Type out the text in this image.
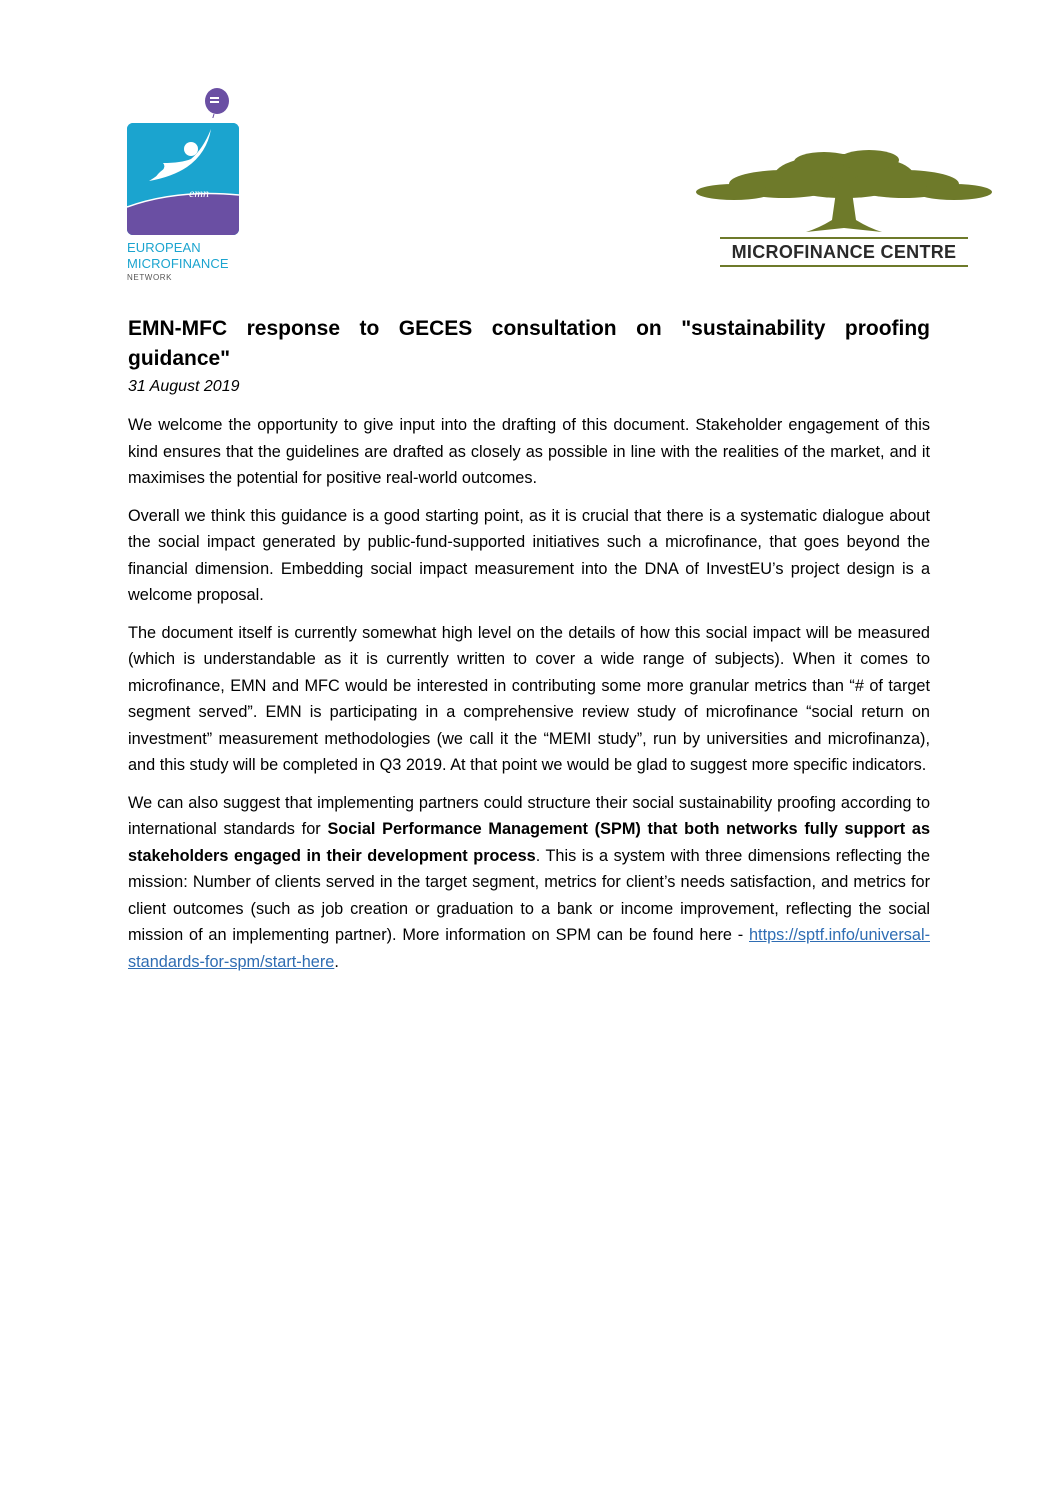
emn
EUROPEAN
MICROFINANCE
NETWORK
MICROFINANCE CENTRE
EMN-MFC response to GECES consultation on "sustainability proofing guidance"
31 August 2019

We welcome the opportunity to give input into the drafting of this document. Stakeholder engagement of this kind ensures that the guidelines are drafted as closely as possible in line with the realities of the market, and it maximises the potential for positive real-world outcomes.

Overall we think this guidance is a good starting point, as it is crucial that there is a systematic dialogue about the social impact generated by public-fund-supported initiatives such a microfinance, that goes beyond the financial dimension. Embedding social impact measurement into the DNA of InvestEU’s project design is a welcome proposal.

The document itself is currently somewhat high level on the details of how this social impact will be measured (which is understandable as it is currently written to cover a wide range of subjects). When it comes to microfinance, EMN and MFC would be interested in contributing some more granular metrics than “# of target segment served”. EMN is participating in a comprehensive review study of microfinance “social return on investment” measurement methodologies (we call it the “MEMI study”, run by universities and microfinanza), and this study will be completed in Q3 2019. At that point we would be glad to suggest more specific indicators.

We can also suggest that implementing partners could structure their social sustainability proofing according to international standards for Social Performance Management (SPM) that both networks fully support as stakeholders engaged in their development process. This is a system with three dimensions reflecting the mission: Number of clients served in the target segment, metrics for client’s needs satisfaction, and metrics for client outcomes (such as job creation or graduation to a bank or income improvement, reflecting the social mission of an implementing partner). More information on SPM can be found here - https://sptf.info/universal-standards-for-spm/start-here.
